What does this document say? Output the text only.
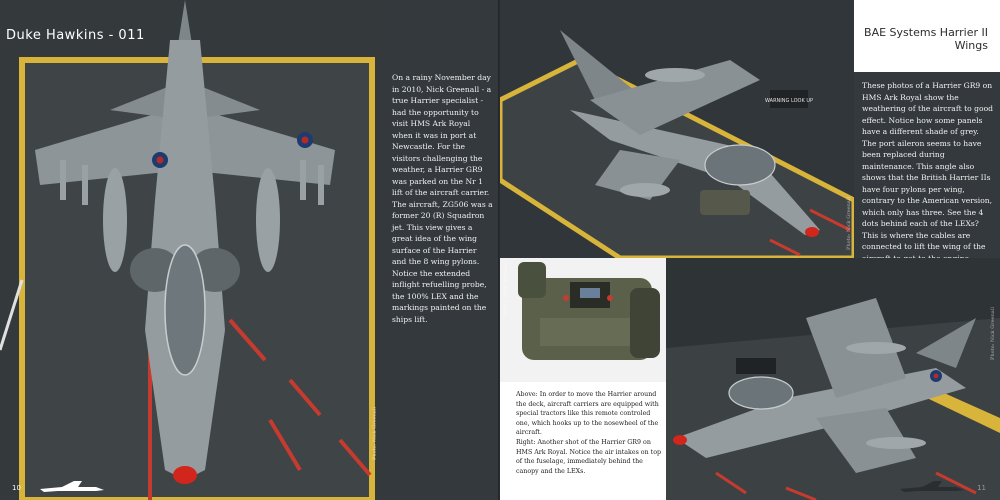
Duke Hawkins - 011

On a rainy November day in 2010, Nick Greenall - a true Harrier specialist - had the opportunity to visit HMS Ark Royal when it was in port at Newcastle. For the visitors challenging the weather, a Harrier GR9 was parked on the Nr 1 lift of the aircraft carrier. The aircraft, ZG506 was a former 20 (R) Squadron jet. This view gives a great idea of the wing surface of the Harrier and the 8 wing pylons. Notice the extended inflight refuelling probe, the 100% LEX and the markings painted on the ships lift.

Photo: Nick Greenall
10
WARNING LOOK UP
BAE Systems Harrier II
Wings

These photos of a Harrier GR9 on HMS Ark Royal show the weathering of the aircraft to good effect. Notice how some panels have a different shade of grey. The port aileron seems to have been replaced during maintenance. This angle also shows that the British Harrier IIs have four pylons per wing, contrary to the American version, which only has three. See the 4 dots behind each of the LEXs? This is where the cables are connected to lift the wing of the

Photo: Nick Greenall
Photo: Nick Greenall

Above: In order to move the Harrier around the deck, aircraft carriers are equipped with special tractors like this remote controled one, which hooks up to the nosewheel of the aircraft.
Right: Another shot of the Harrier GR9 on HMS Ark Royal. Notice the air intakes on top of the fuselage, immediately behind the canopy and the LEXs.

Photo: Nick Greenall
11
